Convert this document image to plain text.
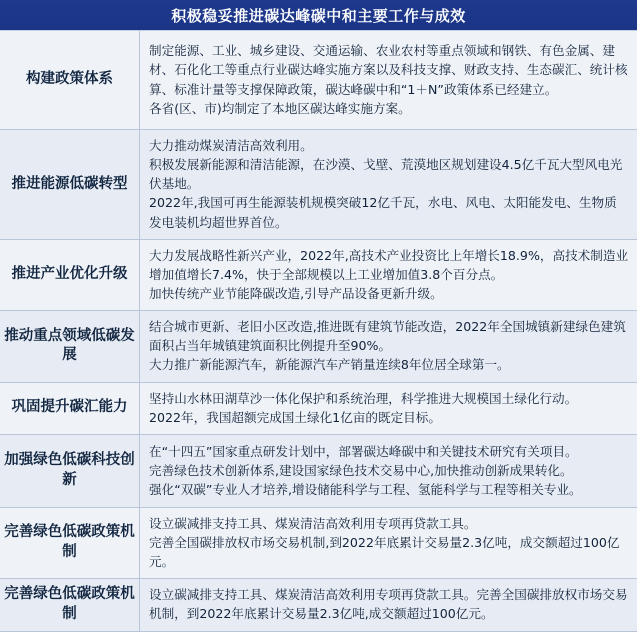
积极稳妥推进碳达峰碳中和主要工作与成效
构建政策体系

制定能源、工业、城乡建设、交通运输、农业农村等重点领域和钢铁、有色金属、建材、石化化工等重点行业碳达峰实施方案以及科技支撑、财政支持、生态碳汇、统计核算、标准计量等支撑保障政策，碳达峰碳中和“1＋N”政策体系已经建立。

各省(区、市)均制定了本地区碳达峰实施方案。

推进能源低碳转型

大力推动煤炭清洁高效利用。

积极发展新能源和清洁能源，在沙漠、戈壁、荒漠地区规划建设4.5亿千瓦大型风电光伏基地。

2022年,我国可再生能源装机规模突破12亿千瓦，水电、风电、太阳能发电、生物质发电装机均超世界首位。

推进产业优化升级

大力发展战略性新兴产业，2022年,高技术产业投资比上年增长18.9%，高技术制造业增加值增长7.4%，快于全部规模以上工业增加值3.8个百分点。

加快传统产业节能降碳改造,引导产品设备更新升级。

推动重点领域低碳发展

结合城市更新、老旧小区改造,推进既有建筑节能改造，2022年全国城镇新建绿色建筑面积占当年城镇建筑面积比例提升至90%。

大力推广新能源汽车，新能源汽车产销量连续8年位居全球第一。

巩固提升碳汇能力

坚持山水林田湖草沙一体化保护和系统治理，科学推进大规模国土绿化行动。

2022年，我国超额完成国土绿化1亿亩的既定目标。

加强绿色低碳科技创新

在“十四五”国家重点研发计划中，部署碳达峰碳中和关键技术研究有关项目。

完善绿色技术创新体系,建设国家绿色技术交易中心,加快推动创新成果转化。

强化“双碳”专业人才培养,增设储能科学与工程、氢能科学与工程等相关专业。

完善绿色低碳政策机制

设立碳减排支持工具、煤炭清洁高效利用专项再贷款工具。

完善全国碳排放权市场交易机制,到2022年底累计交易量2.3亿吨，成交额超过100亿元。

完善绿色低碳政策机制

设立碳减排支持工具、煤炭清洁高效利用专项再贷款工具。完善全国碳排放权市场交易机制，到2022年底累计交易量2.3亿吨,成交额超过100亿元。
